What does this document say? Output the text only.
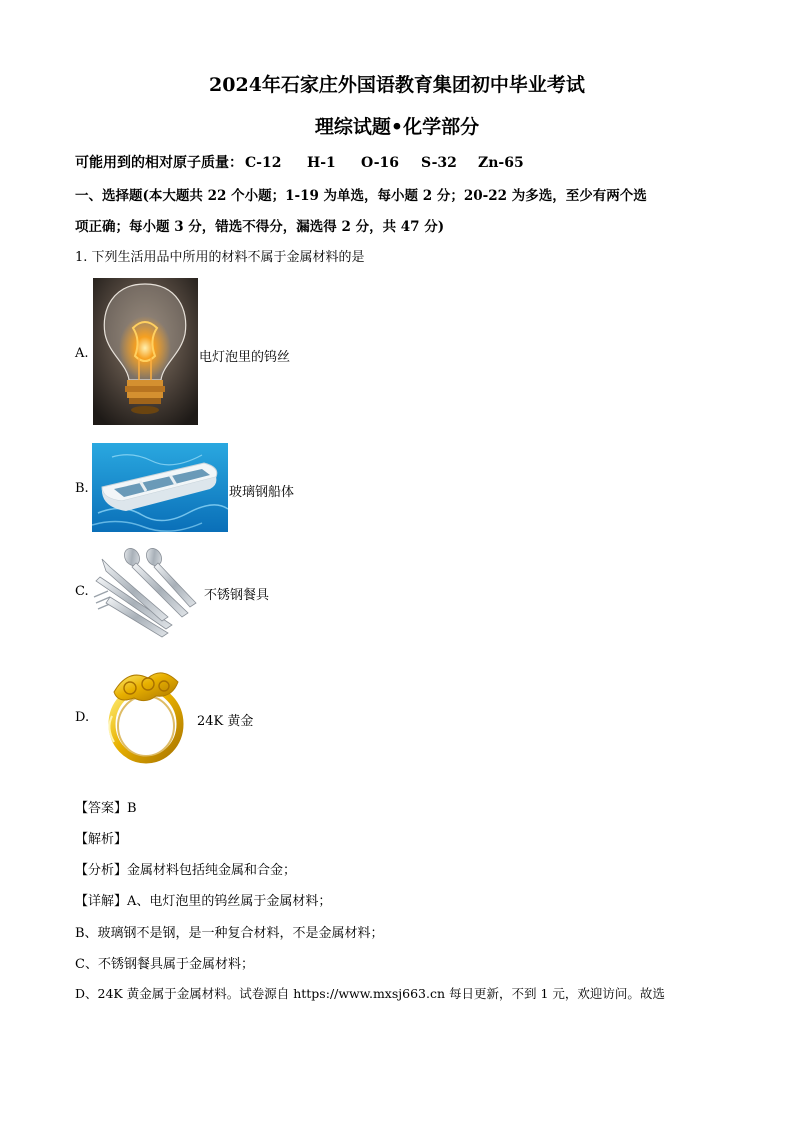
2024年石家庄外国语教育集团初中毕业考试
理综试题•化学部分
可能用到的相对原子质量： C-12 H-1 O-16 S-32 Zn-65
一、选择题(本大题共 22 个小题；1-19 为单选，每小题 2 分；20-22 为多选，至少有两个选
项正确；每小题 3 分，错选不得分，漏选得 2 分，共 47 分)
1. 下列生活用品中所用的材料不属于金属材料的是
A.	电灯泡里的钨丝
B.	玻璃钢船体
C.	不锈钢餐具
D.	24K 黄金
【答案】B
【解析】
【分析】金属材料包括纯金属和合金；
【详解】A、电灯泡里的钨丝属于金属材料；
B、玻璃钢不是钢，是一种复合材料，不是金属材料；
C、不锈钢餐具属于金属材料；
D、24K 黄金属于金属材料。试卷源自 https://www.mxsj663.cn 每日更新，不到 1 元，欢迎访问。故选
